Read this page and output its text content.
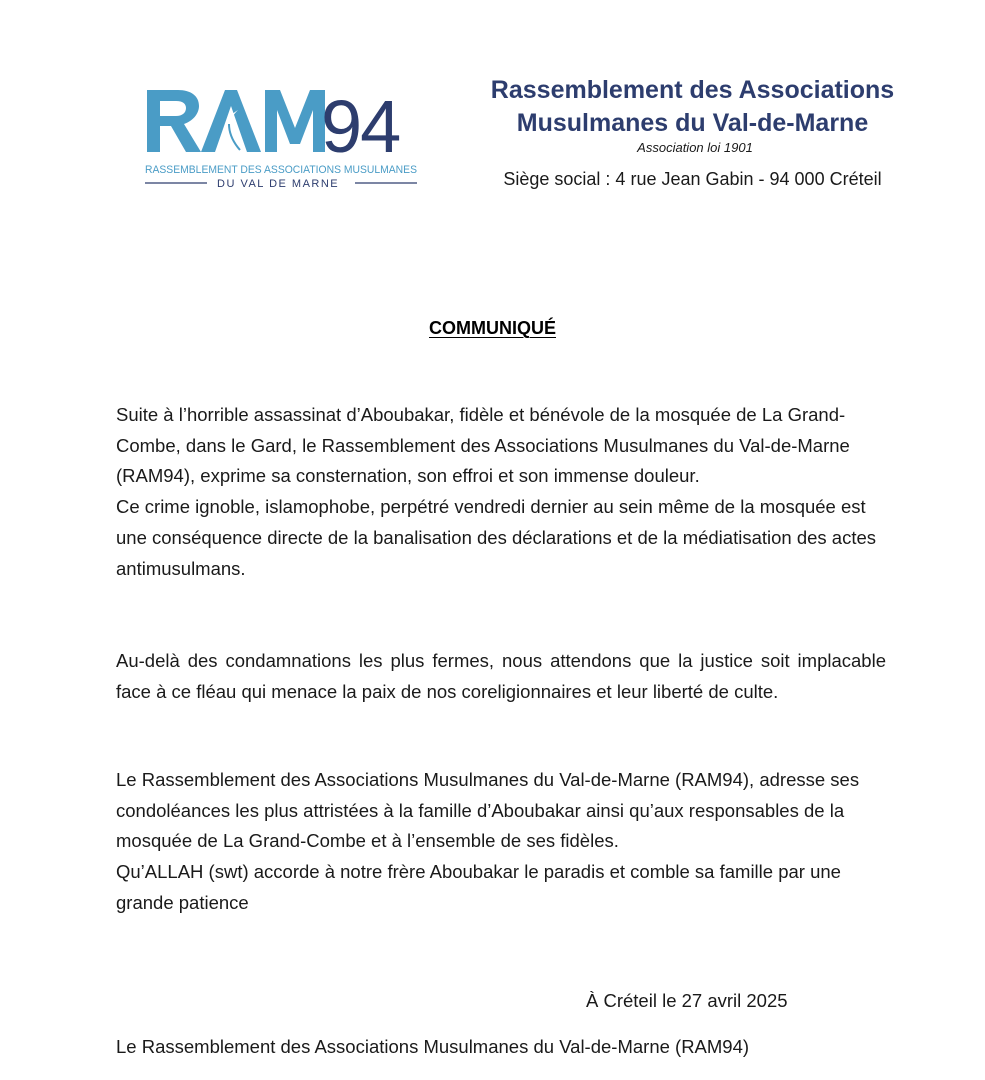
94
RASSEMBLEMENT DES ASSOCIATIONS MUSULMANES
DU VAL DE MARNE
Rassemblement des Associations
Musulmanes du Val-de-Marne
Association loi 1901
Siège social : 4 rue Jean Gabin - 94 000 Créteil
COMMUNIQUÉ

Suite à l’horrible assassinat d’Aboubakar, fidèle et bénévole de la mosquée de La Grand-Combe, dans le Gard, le Rassemblement des Associations Musulmanes du Val-de-Marne (RAM94), exprime sa consternation, son effroi et son immense douleur.

Ce crime ignoble, islamophobe, perpétré vendredi dernier au sein même de la mosquée est une conséquence directe de la banalisation des déclarations et de la médiatisation des actes antimusulmans.

Au-delà des condamnations les plus fermes, nous attendons que la justice soit implacable face à ce fléau qui menace la paix de nos coreligionnaires et leur liberté de culte.

Le Rassemblement des Associations Musulmanes du Val-de-Marne (RAM94), adresse ses condoléances les plus attristées à la famille d’Aboubakar ainsi qu’aux responsables de la mosquée de La Grand-Combe et à l’ensemble de ses fidèles.

Qu’ALLAH (swt) accorde à notre frère Aboubakar le paradis et comble sa famille par une grande patience

À Créteil le 27 avril 2025
Le Rassemblement des Associations Musulmanes du Val-de-Marne (RAM94)
